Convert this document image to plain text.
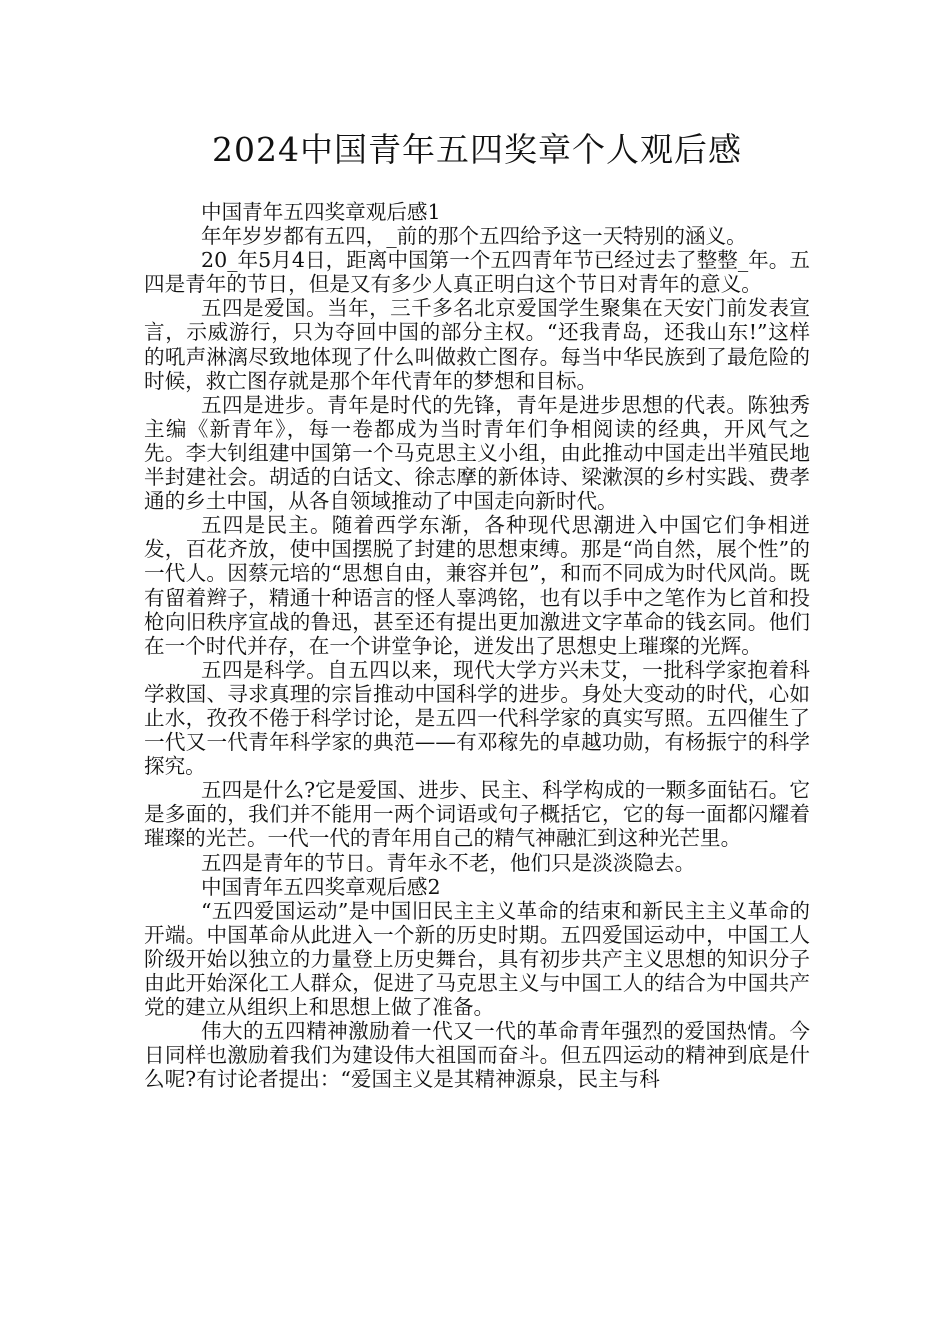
2024中国青年五四奖章个人观后感

中国青年五四奖章观后感1

年年岁岁都有五四，_前的那个五四给予这一天特别的涵义。

20_年5月4日，距离中国第一个五四青年节已经过去了整整_年。五四是青年的节日，但是又有多少人真正明白这个节日对青年的意义。

五四是爱国。当年，三千多名北京爱国学生聚集在天安门前发表宣言，示威游行，只为夺回中国的部分主权。“还我青岛，还我山东!”这样的吼声淋漓尽致地体现了什么叫做救亡图存。每当中华民族到了最危险的时候，救亡图存就是那个年代青年的梦想和目标。

五四是进步。青年是时代的先锋，青年是进步思想的代表。陈独秀主编《新青年》，每一卷都成为当时青年们争相阅读的经典，开风气之先。李大钊组建中国第一个马克思主义小组，由此推动中国走出半殖民地半封建社会。胡适的白话文、徐志摩的新体诗、梁漱溟的乡村实践、费孝通的乡土中国，从各自领域推动了中国走向新时代。

五四是民主。随着西学东渐，各种现代思潮进入中国它们争相迸发，百花齐放，使中国摆脱了封建的思想束缚。那是“尚自然，展个性”的一代人。因蔡元培的“思想自由，兼容并包”，和而不同成为时代风尚。既有留着辫子，精通十种语言的怪人辜鸿铭，也有以手中之笔作为匕首和投枪向旧秩序宣战的鲁迅，甚至还有提出更加激进文字革命的钱玄同。他们在一个时代并存，在一个讲堂争论，迸发出了思想史上璀璨的光辉。

五四是科学。自五四以来，现代大学方兴未艾，一批科学家抱着科学救国、寻求真理的宗旨推动中国科学的进步。身处大变动的时代，心如止水，孜孜不倦于科学讨论，是五四一代科学家的真实写照。五四催生了一代又一代青年科学家的典范——有邓稼先的卓越功勋，有杨振宁的科学探究。

五四是什么?它是爱国、进步、民主、科学构成的一颗多面钻石。它是多面的，我们并不能用一两个词语或句子概括它，它的每一面都闪耀着璀璨的光芒。一代一代的青年用自己的精气神融汇到这种光芒里。

五四是青年的节日。青年永不老，他们只是淡淡隐去。

中国青年五四奖章观后感2

“五四爱国运动”是中国旧民主主义革命的结束和新民主主义革命的开端。中国革命从此进入一个新的历史时期。五四爱国运动中，中国工人阶级开始以独立的力量登上历史舞台，具有初步共产主义思想的知识分子由此开始深化工人群众，促进了马克思主义与中国工人的结合为中国共产党的建立从组织上和思想上做了准备。

伟大的五四精神激励着一代又一代的革命青年强烈的爱国热情。今日同样也激励着我们为建设伟大祖国而奋斗。但五四运动的精神到底是什么呢?有讨论者提出：“爱国主义是其精神源泉，民主与科
